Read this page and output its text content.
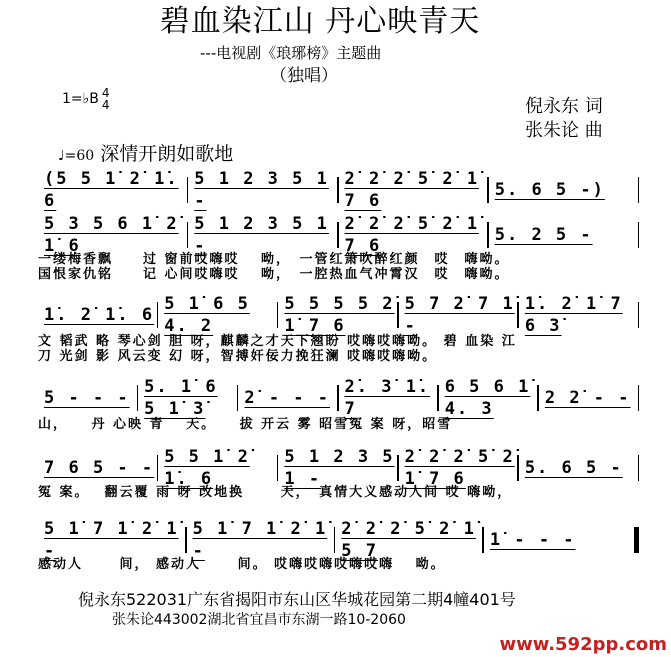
碧血染江山 丹心映青天
---电视剧《琅琊榜》主题曲
（独唱）
1=♭B 4
4	倪永东 词
张朱论 曲
♩=60 深情开朗如歌地
(5 5 1̇ 2̇ 1̇. 6
5 1 2 3 5 1 -
2̇ 2̇ 2̇ 5̇ 2̇ 1̇ 7 6
5. 6 5 -)
5 3 5 6 1̇ 2̇ 1̇ 6
5 1 2 3 5 1 -
2̇ 2̇ 2̇ 5̇ 2̇ 1̇ 7 6
5. 2 5 -
1̇. 2̇ 1̇. 6
5 1̇ 6 5 4. 2
5 5 5 5 2̇ 1̇ 7 6
5 7 2̇ 7 1̇ -
1̇. 2̇ 1̇ 7 6 3̇
5 - - -
5. 1̇ 6 5 1̇ 3̇
2̇ - - -
2̇. 3̇ 1̇. 7
6 5 6 1̇ 4. 3
2 2̇ - -
7 6 5 - -
5 5 1̇ 2̇ 1̇. 6
5 1 2 3 5 1 -
2̇ 2̇ 2̇ 5̇ 2̇ 1̇ 7 6
5. 6 5 -
5 1̇ 7 1̇ 2̇ 1̇ -
5 1̇ 7 1̇ 2̇ 1̇ -
2̇ 2̇ 2̇ 5̇ 2̇ 1̇ 5 7
1̇ - - -
一缕梅香飘　　过 窗前哎嗨哎　 呦，　一管红箫吹醉红颜　哎　嗨呦。
国恨家仇铭　　记 心间哎嗨哎　 呦，　一腔热血气冲霄汉　哎　嗨呦。
文 韬武 略 琴心剑 胆 呀，麒麟之才天下翘盼 哎嗨哎嗨呦。 碧 血染 江
刀 光剑 影 风云变 幻 呀，智搏奸佞力挽狂澜 哎嗨哎嗨呦。
山，　　丹 心映 青　 天。　　拔 开云 雾 昭雪冤 案 呀，昭雪
冤 案。　 翻云覆 雨 呀 改地换　　 天，　真情大义感动人间 哎 嗨呦，
感动人　　 间， 感动人　　 间。 哎嗨哎嗨哎嗨哎嗨　 呦。
倪永东522031广东省揭阳市东山区华城花园第二期4幢401号
张朱论443002湖北省宜昌市东湖一路10-2060
www.592pp.com
